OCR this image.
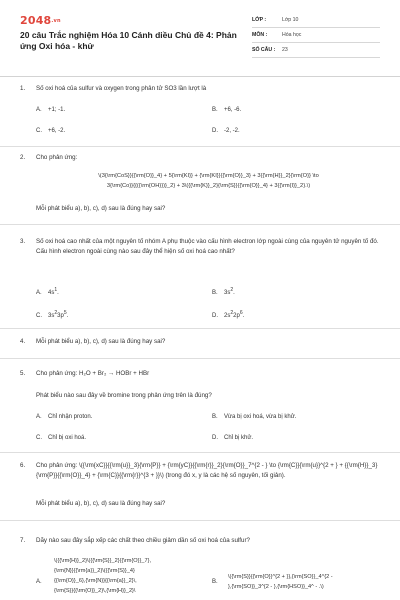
2048.vn
20 câu Trắc nghiệm Hóa 10 Cánh diều Chủ đề 4: Phản ứng Oxi hóa - khử
LỚP :	Lớp 10
MÔN :	Hóa học
SỐ CÂU :	23
1.	Số oxi hoá của sulfur và oxygen trong phân tử SO3 lần lượt là
A. +1; -1.	B. +6, -6.
C. +6, -2.	D. -2, -2.
2.	Cho phản ứng:
\(3{\rm{CoS}}{{\rm{O}}_4} + 5{\rm{KI}} + {\rm{KI}}{{\rm{O}}_3} + 3{{\rm{H}}_2}{\rm{O}} \to
3{\rm{Co}}{{({\rm{OH}})}_2} + 3\({{\rm{K}}_2}{\rm{S}}{{\rm{O}}_4} + 3{{\rm{I}}_2}.\)
Mỗi phát biểu a), b), c), d) sau là đúng hay sai?
3.	Số oxi hoá cao nhất của một nguyên tố nhóm A phụ thuộc vào cấu hình electron lớp ngoài cùng của nguyên tử nguyên tố đó. Cấu hình electron ngoài cùng nào sau đây thể hiện số oxi hoá cao nhất?
A. $4s^1$.	B. $3s^2$.
C. $3s^23p^5$.	D. $2s^22p^6$.
4.	Mỗi phát biểu a), b), c), d) sau là đúng hay sai?
5.	Cho phản ứng: H₂O + Br₂ → HOBr + HBr
Phát biểu nào sau đây về bromine trong phản ứng trên là đúng?
A. Chỉ nhận proton.	B. Vừa bị oxi hoá, vừa bị khử.
C. Chỉ bị oxi hoá.	D. Chỉ bị khử.
6.	Cho phản ứng: \({\rm{xC}}{{\rm{u}}_3}{\rm{P}} + {\rm{yC}}{{\rm{r}}_2}{\rm{O}}_7^{2 - } \to {\rm{C}}{\rm{u}}^{2 + } + {{\rm{H}}_3}{\rm{P}}{{\rm{O}}_4} + {\rm{C}}{{\rm{r}}^{3 + }}\) (trong đó x, y là các hệ số nguyên, tối giản).
Mỗi phát biểu a), b), c), d) sau là đúng hay sai?
7.	Dãy nào sau đây sắp xếp các chất theo chiều giảm dần số oxi hoá của sulfur?
A.
\({{\rm{H}}_2}\({{\rm{S}}_2}{{\rm{O}}_7},
{\rm{N}}{{\rm{a}}_2}\({{\rm{S}}_4}
{{\rm{O}}_6},{\rm{N}}{{\rm{a}}_2}\,
{\rm{S}}{{\rm{O}}_2}\,{\rm{H}}_2}\
B.
\({\rm{S}}{{\rm{O}}^{2 + }},{\rm{SO}}_4^{2 -
},{\rm{SO}}_3^{2 - },{\rm{HSO}}_4^ - .\)
